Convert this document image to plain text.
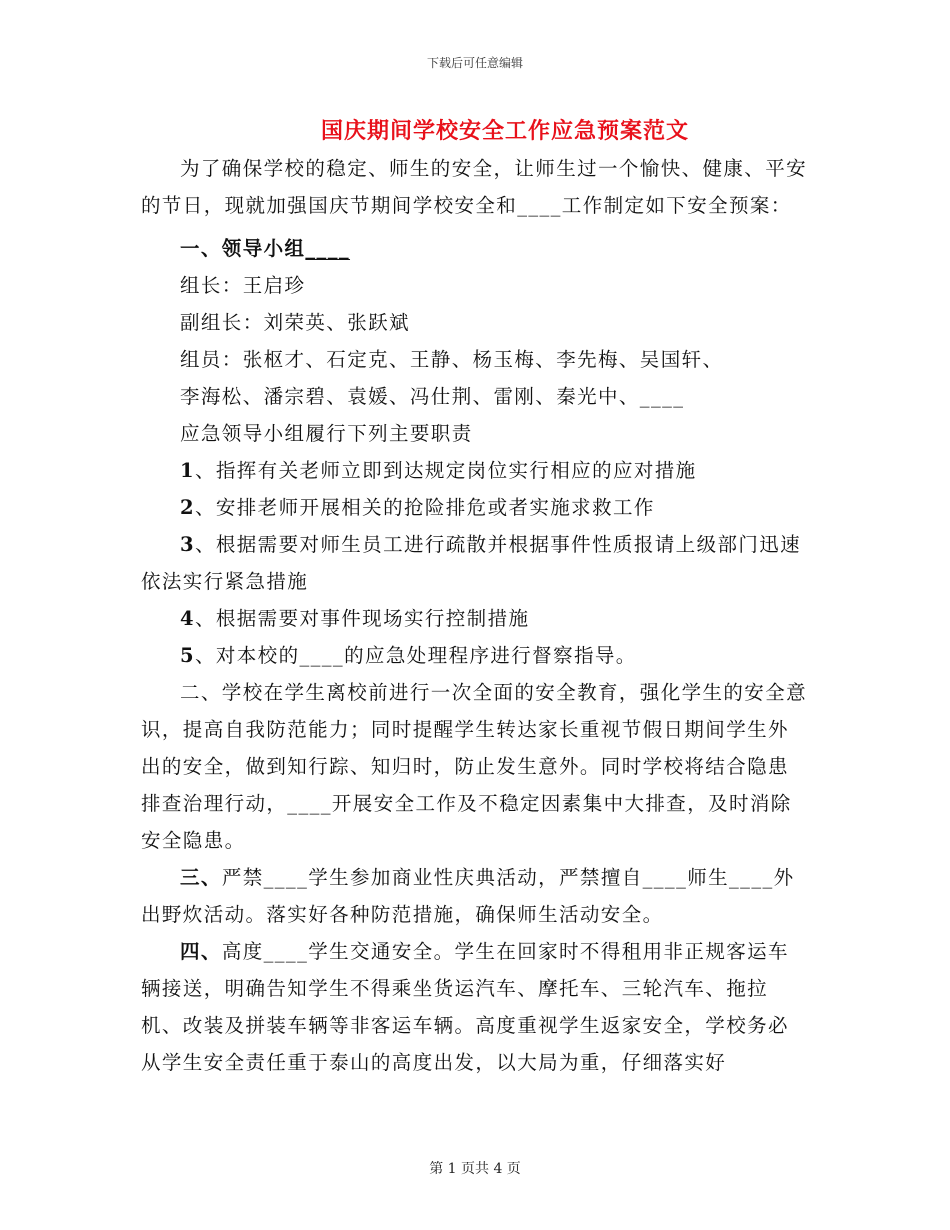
下载后可任意编辑
国庆期间学校安全工作应急预案范文

为了确保学校的稳定、师生的安全，让师生过一个愉快、健康、平安的节日，现就加强国庆节期间学校安全和____工作制定如下安全预案：

一、领导小组____

组长：王启珍

副组长：刘荣英、张跃斌

组员：张枢才、石定克、王静、杨玉梅、李先梅、吴国轩、

李海松、潘宗碧、袁媛、冯仕荆、雷刚、秦光中、____

应急领导小组履行下列主要职责

1、指挥有关老师立即到达规定岗位实行相应的应对措施

2、安排老师开展相关的抢险排危或者实施求救工作

3、根据需要对师生员工进行疏散并根据事件性质报请上级部门迅速依法实行紧急措施

4、根据需要对事件现场实行控制措施

5、对本校的____的应急处理程序进行督察指导。

二、学校在学生离校前进行一次全面的安全教育，强化学生的安全意识，提高自我防范能力；同时提醒学生转达家长重视节假日期间学生外出的安全，做到知行踪、知归时，防止发生意外。同时学校将结合隐患排查治理行动，____开展安全工作及不稳定因素集中大排查，及时消除安全隐患。

三、严禁____学生参加商业性庆典活动，严禁擅自____师生____外出野炊活动。落实好各种防范措施，确保师生活动安全。

四、高度____学生交通安全。学生在回家时不得租用非正规客运车辆接送，明确告知学生不得乘坐货运汽车、摩托车、三轮汽车、拖拉机、改装及拼装车辆等非客运车辆。高度重视学生返家安全，学校务必从学生安全责任重于泰山的高度出发，以大局为重，仔细落实好

第 1 页共 4 页
